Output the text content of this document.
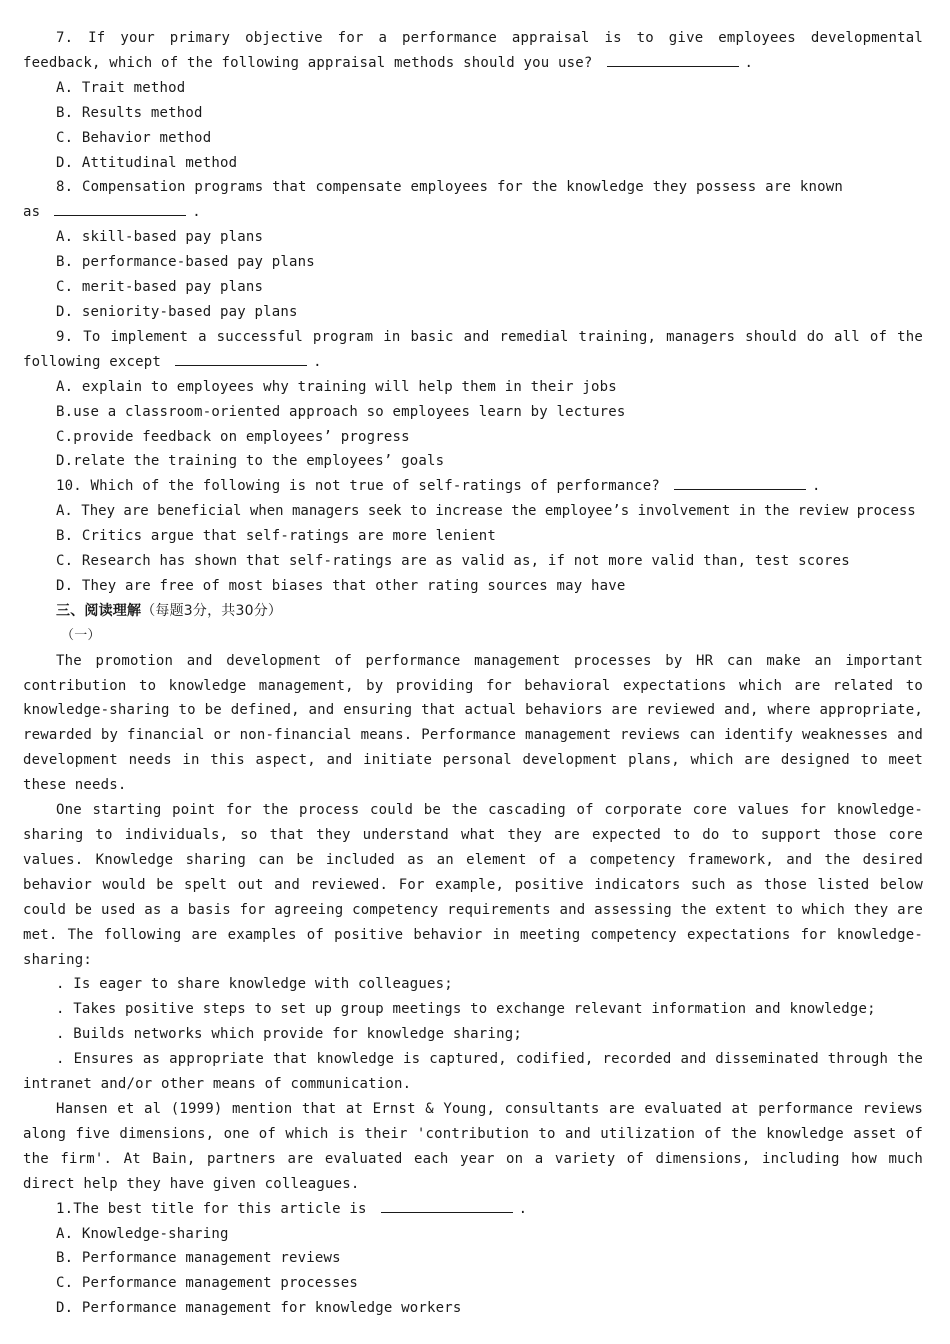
7. If your primary objective for a performance appraisal is to give employees developmental feedback, which of the following appraisal methods should you use?	.

A. Trait method

B. Results method

C. Behavior method

D. Attitudinal method

8. Compensation programs that compensate employees for the knowledge they possess are known as	.

A. skill-based pay plans

B. performance-based pay plans

C. merit-based pay plans

D. seniority-based pay plans

9. To implement a successful program in basic and remedial training, managers should do all of the following except	.

A. explain to employees why training will help them in their jobs

B.use a classroom-oriented approach so employees learn by lectures

C.provide feedback on employees’ progress

D.relate the training to the employees’ goals

10. Which of the following is not true of self-ratings of performance?	.

A. They are beneficial when managers seek to increase the employee’s involvement in the review process

B. Critics argue that self-ratings are more lenient

C. Research has shown that self-ratings are as valid as, if not more valid than, test scores

D. They are free of most biases that other rating sources may have

三、阅读理解（每题3分，共30分）

（一）

The promotion and development of performance management processes by HR can make an important contribution to knowledge management, by providing for behavioral expectations which are related to knowledge-sharing to be defined, and ensuring that actual behaviors are reviewed and, where appropriate, rewarded by financial or non-financial means. Performance management reviews can identify weaknesses and development needs in this aspect, and initiate personal development plans, which are designed to meet these needs.

One starting point for the process could be the cascading of corporate core values for knowledge-sharing to individuals, so that they understand what they are expected to do to support those core values. Knowledge sharing can be included as an element of a competency framework, and the desired behavior would be spelt out and reviewed. For example, positive indicators such as those listed below could be used as a basis for agreeing competency requirements and assessing the extent to which they are met. The following are examples of positive behavior in meeting competency expectations for knowledge-sharing:

. Is eager to share knowledge with colleagues;

. Takes positive steps to set up group meetings to exchange relevant information and knowledge;

. Builds networks which provide for knowledge sharing;

. Ensures as appropriate that knowledge is captured, codified, recorded and disseminated through the intranet and/or other means of communication.

Hansen et al (1999) mention that at Ernst & Young, consultants are evaluated at performance reviews along five dimensions, one of which is their 'contribution to and utilization of the knowledge asset of the firm'. At Bain, partners are evaluated each year on a variety of dimensions, including how much direct help they have given colleagues.

1.The best title for this article is	.

A. Knowledge-sharing

B. Performance management reviews

C. Performance management processes

D. Performance management for knowledge workers
